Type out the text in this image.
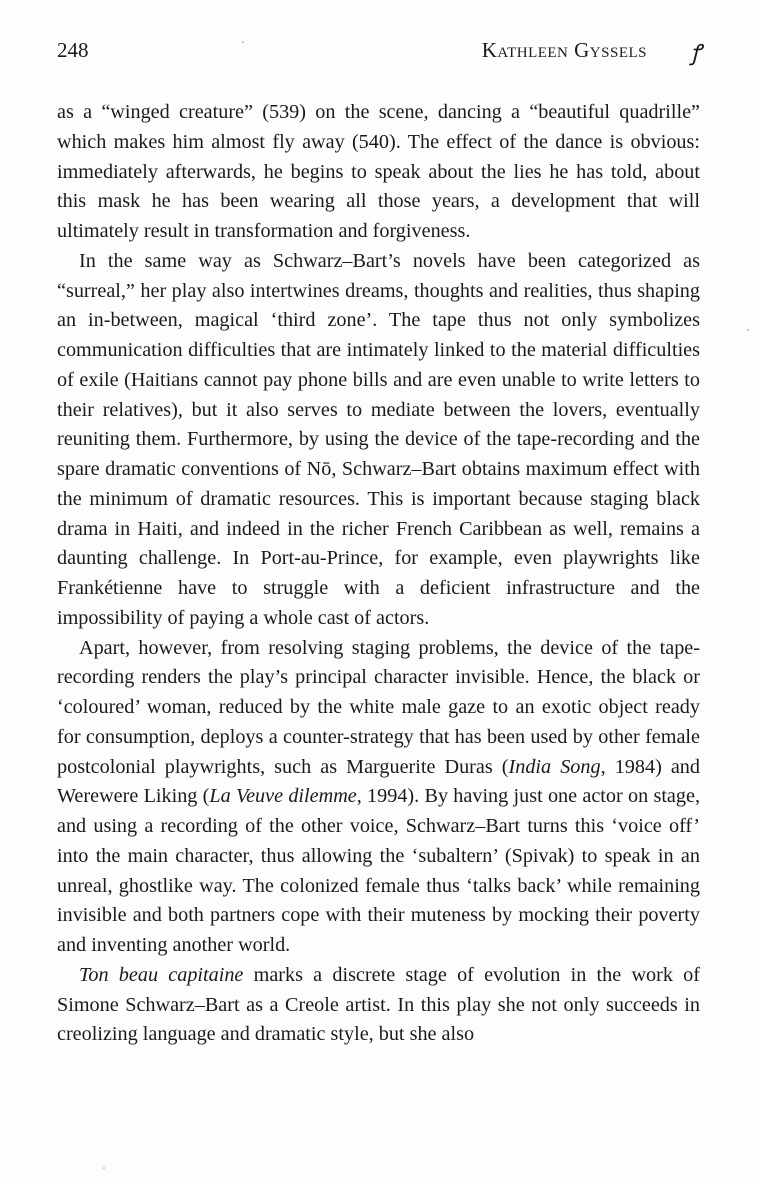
248	Kathleen Gyssels ꝭ

as a “winged creature” (539) on the scene, dancing a “beautiful quadrille” which makes him almost fly away (540). The effect of the dance is obvious: immediately afterwards, he begins to speak about the lies he has told, about this mask he has been wearing all those years, a development that will ultimately result in transformation and forgiveness.

In the same way as Schwarz–Bart’s novels have been categorized as “surreal,” her play also intertwines dreams, thoughts and realities, thus shaping an in-between, magical ‘third zone’. The tape thus not only symbolizes communication difficulties that are intimately linked to the material difficulties of exile (Haitians cannot pay phone bills and are even unable to write letters to their relatives), but it also serves to mediate between the lovers, eventually reuniting them. Furthermore, by using the device of the tape-recording and the spare dramatic conventions of Nō, Schwarz–Bart obtains maximum effect with the minimum of dramatic resources. This is important because staging black drama in Haiti, and indeed in the richer French Caribbean as well, remains a daunting challenge. In Port-au-Prince, for example, even playwrights like Frankétienne have to struggle with a deficient infrastructure and the impossibility of paying a whole cast of actors.

Apart, however, from resolving staging problems, the device of the tape-recording renders the play’s principal character invisible. Hence, the black or ‘coloured’ woman, reduced by the white male gaze to an exotic object ready for consumption, deploys a counter-strategy that has been used by other female postcolonial playwrights, such as Marguerite Duras (India Song, 1984) and Werewere Liking (La Veuve dilemme, 1994). By having just one actor on stage, and using a recording of the other voice, Schwarz–Bart turns this ‘voice off’ into the main character, thus allowing the ‘subaltern’ (Spivak) to speak in an unreal, ghostlike way. The colonized female thus ‘talks back’ while remaining invisible and both partners cope with their muteness by mocking their poverty and inventing another world.

Ton beau capitaine marks a discrete stage of evolution in the work of Simone Schwarz–Bart as a Creole artist. In this play she not only succeeds in creolizing language and dramatic style, but she also
